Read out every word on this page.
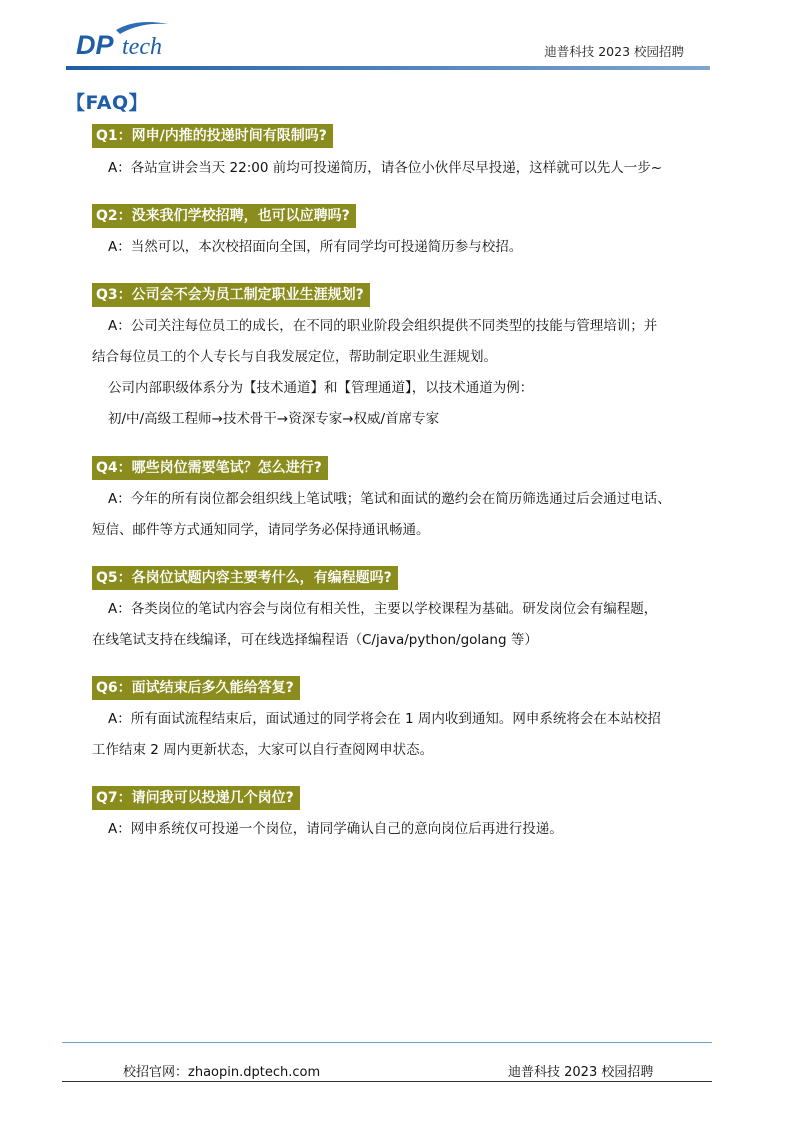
DP tech	迪普科技 2023 校园招聘
【FAQ】
Q1：网申/内推的投递时间有限制吗?
A：各站宣讲会当天 22:00 前均可投递简历，请各位小伙伴尽早投递，这样就可以先人一步~
Q2：没来我们学校招聘，也可以应聘吗?
A：当然可以，本次校招面向全国，所有同学均可投递简历参与校招。
Q3：公司会不会为员工制定职业生涯规划?
A：公司关注每位员工的成长，在不同的职业阶段会组织提供不同类型的技能与管理培训；并
结合每位员工的个人专长与自我发展定位，帮助制定职业生涯规划。
公司内部职级体系分为【技术通道】和【管理通道】，以技术通道为例：
初/中/高级工程师→技术骨干→资深专家→权威/首席专家
Q4：哪些岗位需要笔试？怎么进行?
A：今年的所有岗位都会组织线上笔试哦；笔试和面试的邀约会在简历筛选通过后会通过电话、
短信、邮件等方式通知同学，请同学务必保持通讯畅通。
Q5：各岗位试题内容主要考什么，有编程题吗?
A：各类岗位的笔试内容会与岗位有相关性，主要以学校课程为基础。研发岗位会有编程题，
在线笔试支持在线编译，可在线选择编程语（C/java/python/golang 等）
Q6：面试结束后多久能给答复?
A：所有面试流程结束后，面试通过的同学将会在 1 周内收到通知。网申系统将会在本站校招
工作结束 2 周内更新状态，大家可以自行查阅网申状态。
Q7：请问我可以投递几个岗位?
A：网申系统仅可投递一个岗位，请同学确认自己的意向岗位后再进行投递。
校招官网：zhaopin.dptech.com	迪普科技 2023 校园招聘
